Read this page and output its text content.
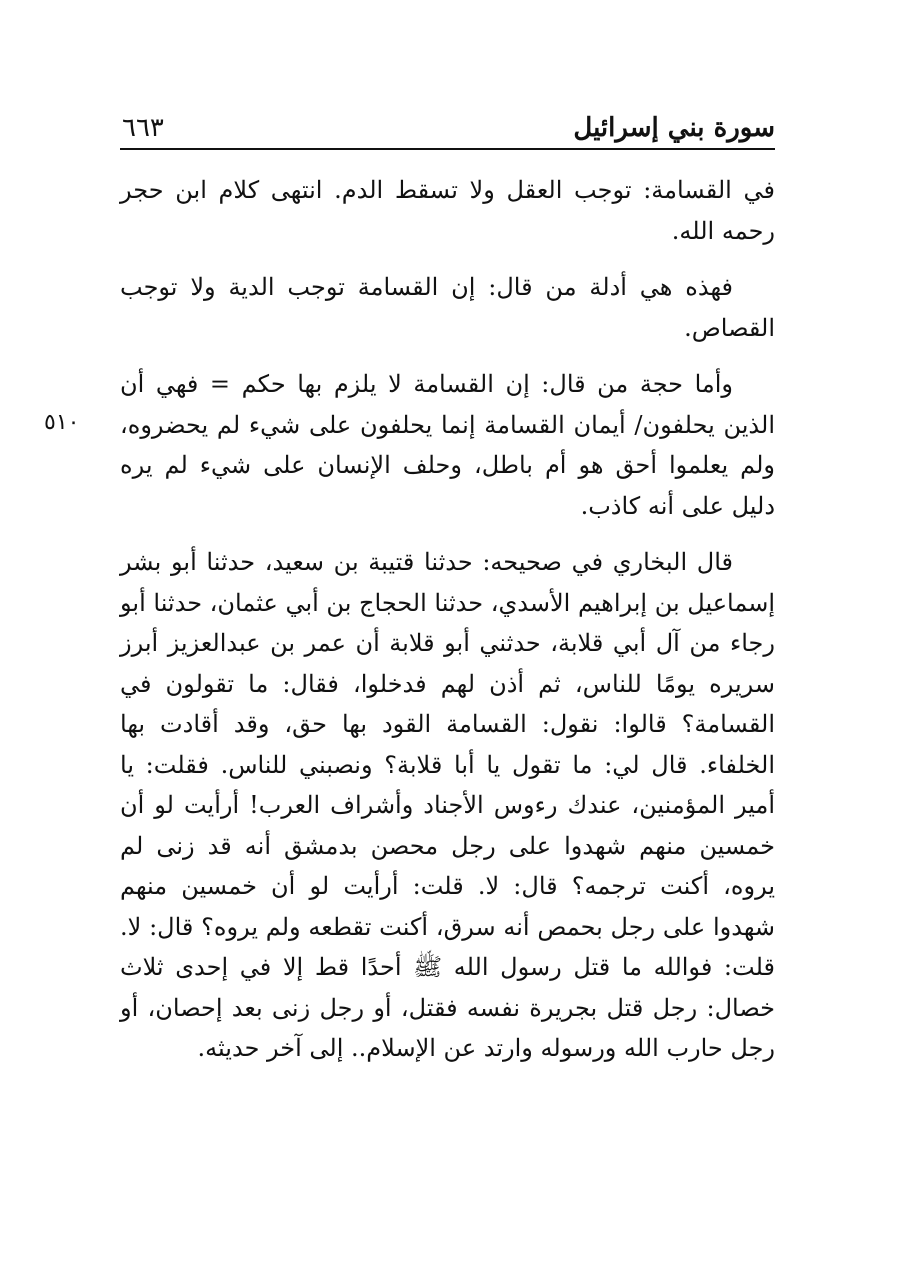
سورة بني إسرائيل
٦٦٣
٥١٠

في القسامة: توجب العقل ولا تسقط الدم. انتهى كلام ابن حجر رحمه الله.

فهذه هي أدلة من قال: إن القسامة توجب الدية ولا توجب القصاص.

وأما حجة من قال: إن القسامة لا يلزم بها حكم = فهي أن الذين يحلفون/ أيمان القسامة إنما يحلفون على شيء لم يحضروه، ولم يعلموا أحق هو أم باطل، وحلف الإنسان على شيء لم يره دليل على أنه كاذب.

قال البخاري في صحيحه: حدثنا قتيبة بن سعيد، حدثنا أبو بشر إسماعيل بن إبراهيم الأسدي، حدثنا الحجاج بن أبي عثمان، حدثنا أبو رجاء من آل أبي قلابة، حدثني أبو قلابة أن عمر بن عبدالعزيز أبرز سريره يومًا للناس، ثم أذن لهم فدخلوا، فقال: ما تقولون في القسامة؟ قالوا: نقول: القسامة القود بها حق، وقد أقادت بها الخلفاء. قال لي: ما تقول يا أبا قلابة؟ ونصبني للناس. فقلت: يا أمير المؤمنين، عندك رءوس الأجناد وأشراف العرب! أرأيت لو أن خمسين منهم شهدوا على رجل محصن بدمشق أنه قد زنى لم يروه، أكنت ترجمه؟ قال: لا. قلت: أرأيت لو أن خمسين منهم شهدوا على رجل بحمص أنه سرق، أكنت تقطعه ولم يروه؟ قال: لا. قلت: فوالله ما قتل رسول الله ﷺ أحدًا قط إلا في إحدى ثلاث خصال: رجل قتل بجريرة نفسه فقتل، أو رجل زنى بعد إحصان، أو رجل حارب الله ورسوله وارتد عن الإسلام.. إلى آخر حديثه.
